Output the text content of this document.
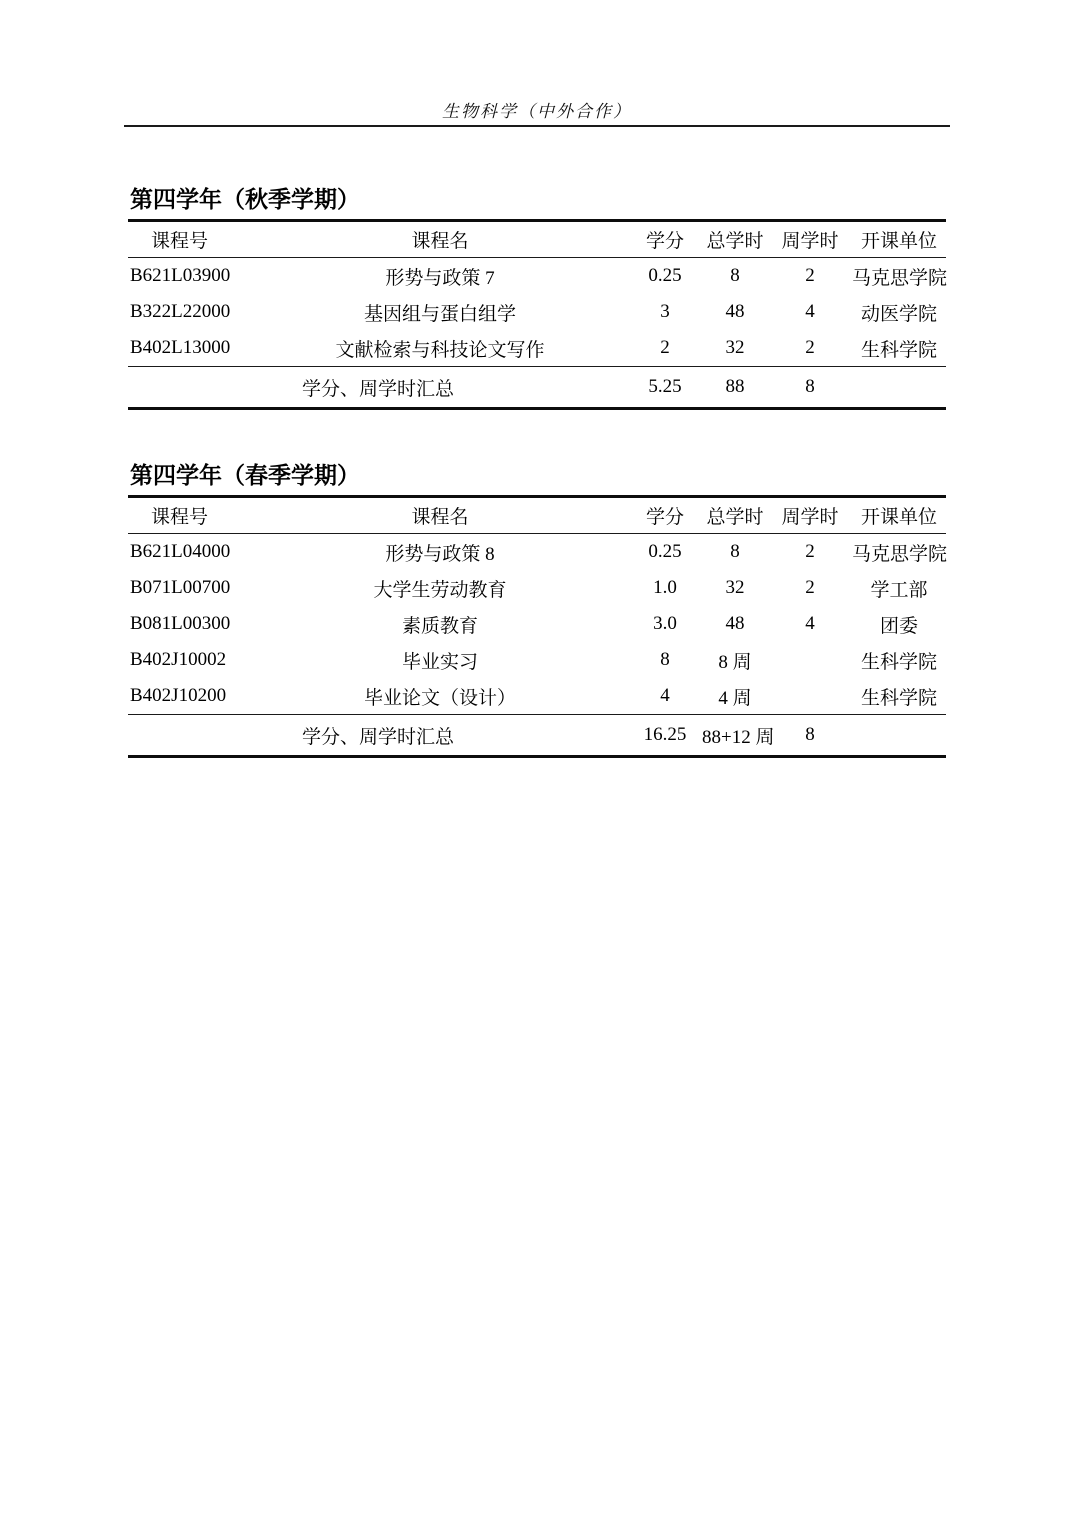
生物科学（中外合作）
第四学年（秋季学期）
课程号	课程名	学分	总学时	周学时	开课单位
B621L03900	形势与政策 7	0.25	8	2	马克思学院
B322L22000	基因组与蛋白组学	3	48	4	动医学院
B402L13000	文献检索与科技论文写作	2	32	2	生科学院
学分、周学时汇总		5.25	88	8	
第四学年（春季学期）
课程号	课程名	学分	总学时	周学时	开课单位
B621L04000	形势与政策 8	0.25	8	2	马克思学院
B071L00700	大学生劳动教育	1.0	32	2	学工部
B081L00300	素质教育	3.0	48	4	团委
B402J10002	毕业实习	8	8 周		生科学院
B402J10200	毕业论文（设计）	4	4 周		生科学院
学分、周学时汇总		16.25	88+12 周	8	
